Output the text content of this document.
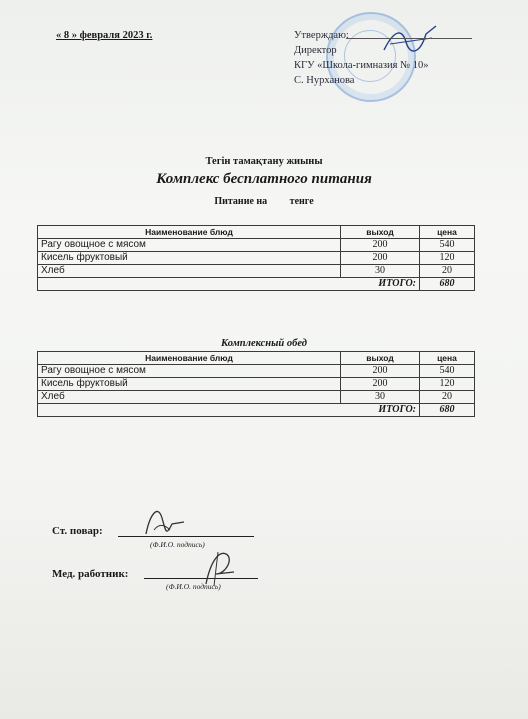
« 8 » февраля 2023 г.	Утверждаю:
Директор
КГУ «Школа-гимназия № 10»
С. Нурханова
Тегін тамақтану жиыны
Комплекс бесплатного питания
Питание на тенге
Наименование блюд	выход	цена
Рагу овощное с мясом	200	540
Кисель фруктовый	200	120
Хлеб	30	20
ИТОГО:		680
Комплексный обед
Наименование блюд	выход	цена
Рагу овощное с мясом	200	540
Кисель фруктовый	200	120
Хлеб	30	20
ИТОГО:		680
Ст. повар:
(Ф.И.О. подпись)
Мед. работник:
(Ф.И.О. подпись)
